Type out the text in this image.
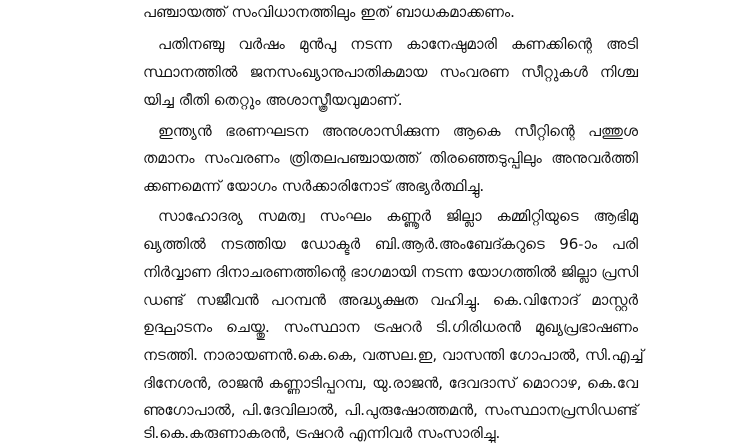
പഞ്ചായത്ത് സംവിധാനത്തിലും ഇത് ബാധകമാക്കണം.
പതിനഞ്ചു വർഷം മുൻപു നടന്ന കാനേഷുമാരി കണക്കിന്റെ അടി
സ്ഥാനത്തിൽ ജനസംഖ്യാനുപാതികമായ സംവരണ സീറ്റുകൾ നിശ്ച
യിച്ച രീതി തെറ്റും അശാസ്ത്രീയവുമാണ്.
ഇന്ത്യൻ ഭരണഘടന അനുശാസിക്കുന്ന ആകെ സീറ്റിന്റെ പത്തുശ
തമാനം സംവരണം ത്രിതലപഞ്ചായത്ത് തിരഞ്ഞെടുപ്പിലും അനുവർത്തി
ക്കണമെന്ന് യോഗം സർക്കാരിനോട് അഭ്യർത്ഥിച്ചു.
സാഹോദര്യ സമത്വ സംഘം കണ്ണൂർ ജില്ലാ കമ്മിറ്റിയുടെ ആഭിമു
ഖ്യത്തിൽ നടത്തിയ ഡോക്ടർ ബി.ആർ.അംബേദ്കറുടെ 96-ാം പരി
നിർവ്വാണ ദിനാചരണത്തിന്റെ ഭാഗമായി നടന്ന യോഗത്തിൽ ജില്ലാ പ്രസി
ഡണ്ട് സജീവൻ പറമ്പൻ അദ്ധ്യക്ഷത വഹിച്ചു. കെ.വിനോദ് മാസ്റ്റർ
ഉദ്ഘാടനം ചെയ്തു. സംസ്ഥാന ട്രഷറർ ടി.ഗിരിധരൻ മുഖ്യപ്രഭാഷണം
നടത്തി. നാരായണൻ.കെ.കെ, വത്സല.ഇ, വാസന്തി ഗോപാൽ, സി.എച്ച്
ദിനേശൻ, രാജൻ കണ്ണാടിപ്പറമ്പ, യു.രാജൻ, ദേവദാസ് മൊറാഴ, കെ.വേ
ണുഗോപാൽ, പി.ദേവിലാൽ, പി.പുരുഷോത്തമൻ, സംസ്ഥാനപ്രസിഡണ്ട്
ടി.കെ.കരുണാകരൻ, ട്രഷറർ എന്നിവർ സംസാരിച്ചു.
